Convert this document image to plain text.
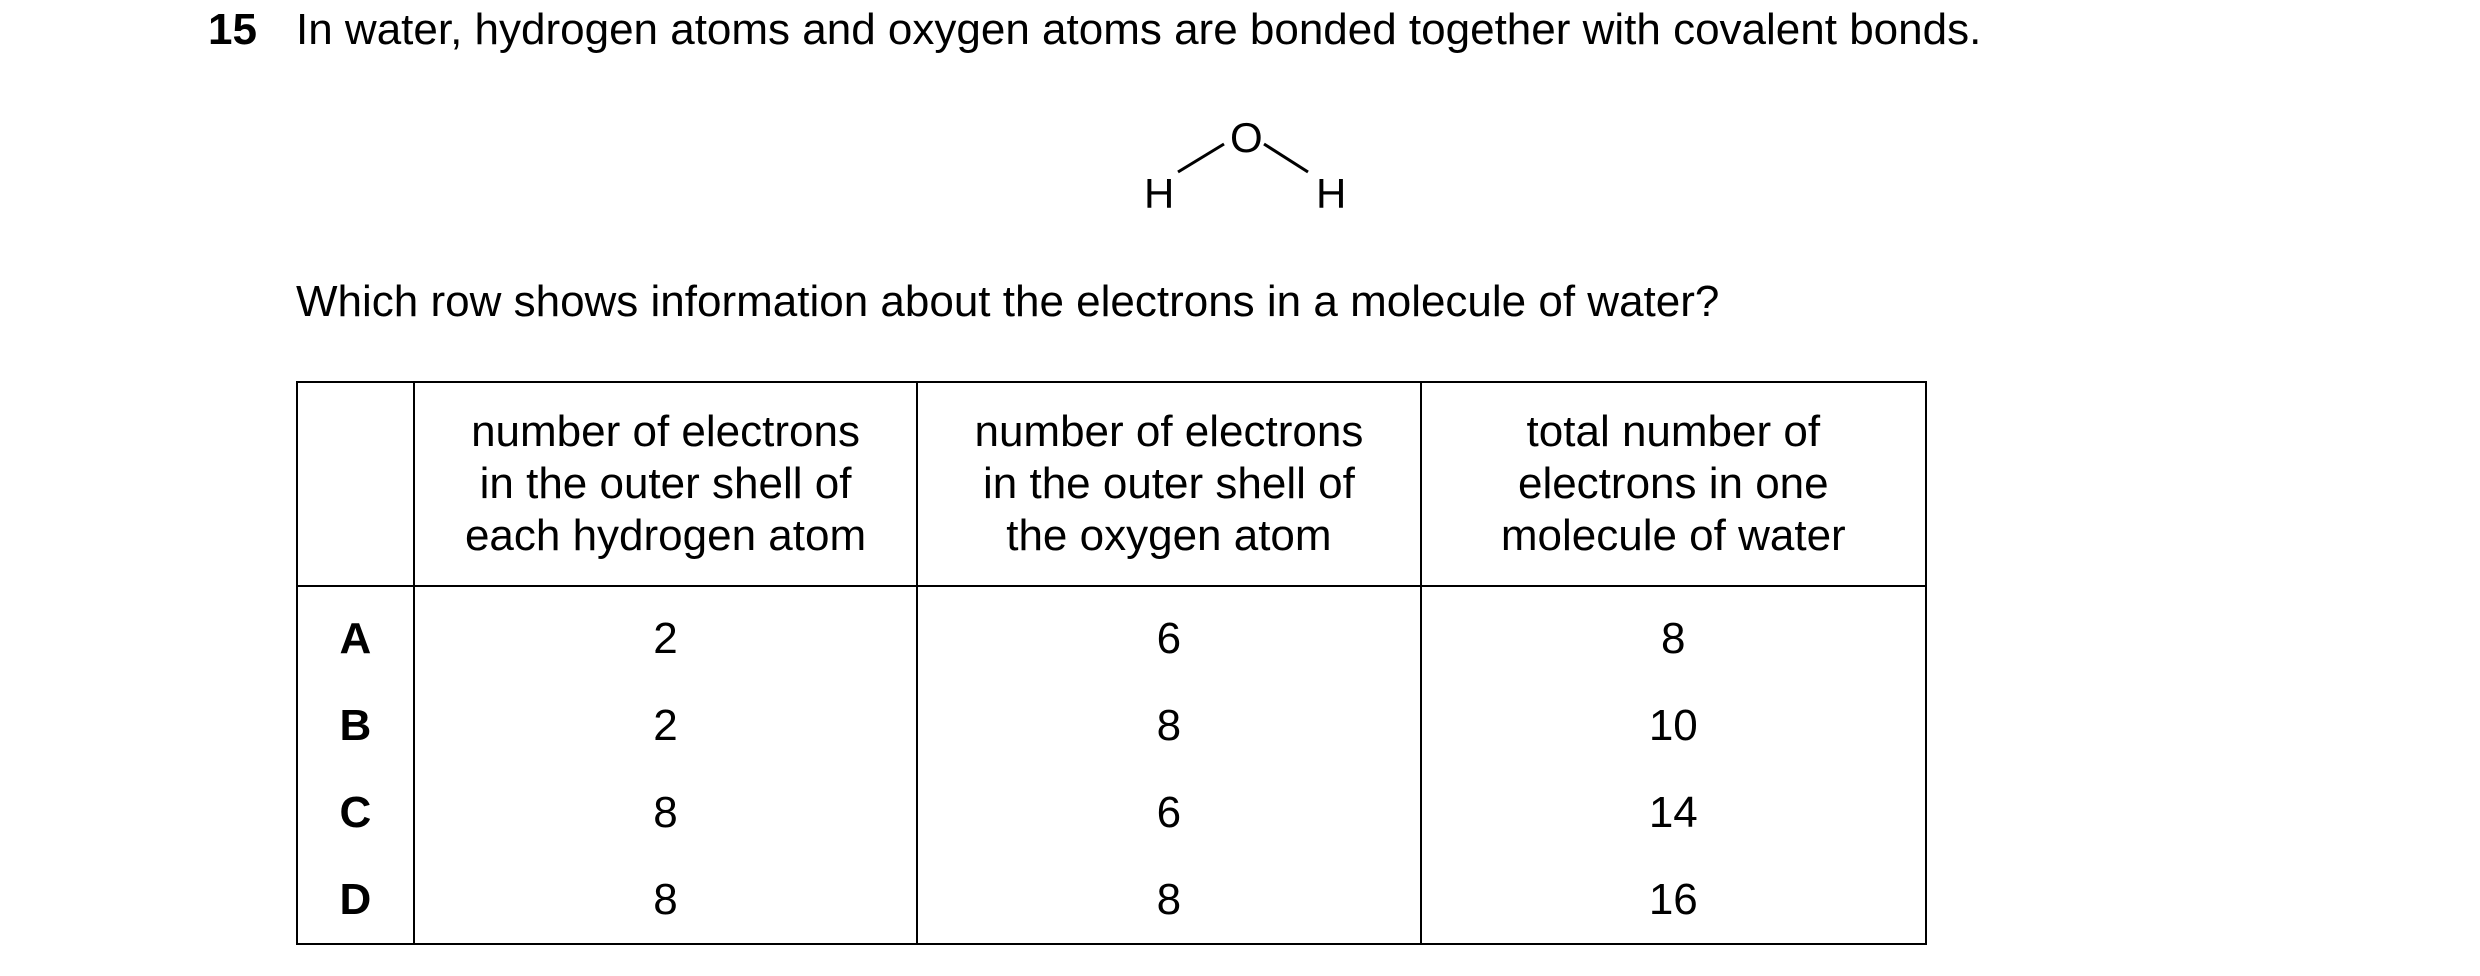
15 In water, hydrogen atoms and oxygen atoms are bonded together with covalent bonds.
O
H	H
Which row shows information about the electrons in a molecule of water?

	number of electrons
in the outer shell of
each hydrogen atom	number of electrons
in the outer shell of
the oxygen atom	total number of
electrons in one
molecule of water

A	2	6	8
B	2	8	10
C	8	6	14
D	8	8	16
